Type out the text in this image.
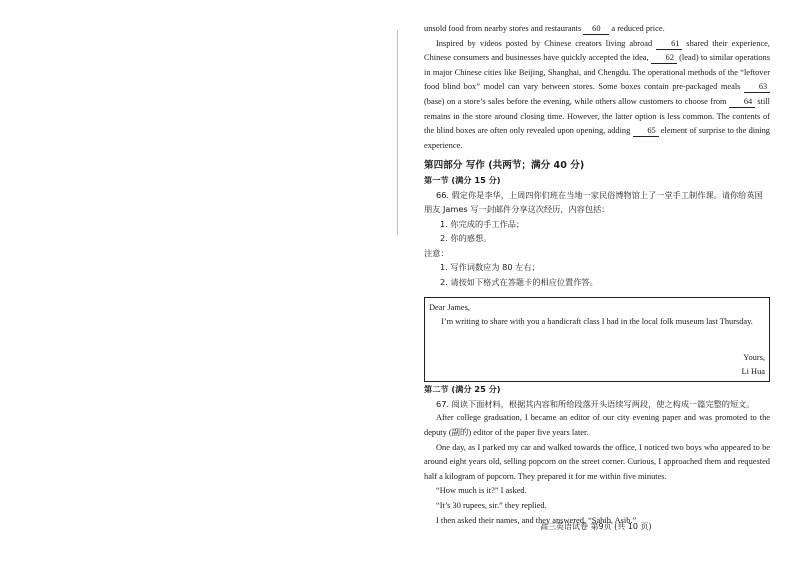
unsold food from nearby stores and restaurants 60 a reduced price.

Inspired by videos posted by Chinese creators living abroad 61 shared their experience, Chinese consumers and businesses have quickly accepted the idea, 62 (lead) to similar operations in major Chinese cities like Beijing, Shanghai, and Chengdu. The operational methods of the “leftover food blind box” model can vary between stores. Some boxes contain pre-packaged meals 63 (base) on a store’s sales before the evening, while others allow customers to choose from 64 still remains in the store around closing time. However, the latter option is less common. The contents of the blind boxes are often only revealed upon opening, adding 65 element of surprise to the dining experience.

第四部分 写作 (共两节；满分 40 分)
第一节 (满分 15 分)

66. 假定你是李华，上周四你们班在当地一家民俗博物馆上了一堂手工制作课。请你给英国朋友 James 写一封邮件分享这次经历，内容包括：

1. 你完成的手工作品；

2. 你的感想。

注意：

1. 写作词数应为 80 左右；

2. 请按如下格式在答题卡的相应位置作答。

Dear James,
I’m writing to share with you a handicraft class I had in the local folk museum last Thursday.
Yours,
Li Hua
第二节 (满分 25 分)

67. 阅读下面材料，根据其内容和所给段落开头语续写两段，使之构成一篇完整的短文。

After college graduation, I became an editor of our city evening paper and was promoted to the deputy (副的) editor of the paper five years later.

One day, as I parked my car and walked towards the office, I noticed two boys who appeared to be around eight years old, selling popcorn on the street corner. Curious, I approached them and requested half a kilogram of popcorn. They prepared it for me within five minutes.

“How much is it?” I asked.

“It’s 30 rupees, sir.” they replied.

I then asked their names, and they answered, “Sahib, Asib.”

高三英语试卷 第9页 (共 10 页)
